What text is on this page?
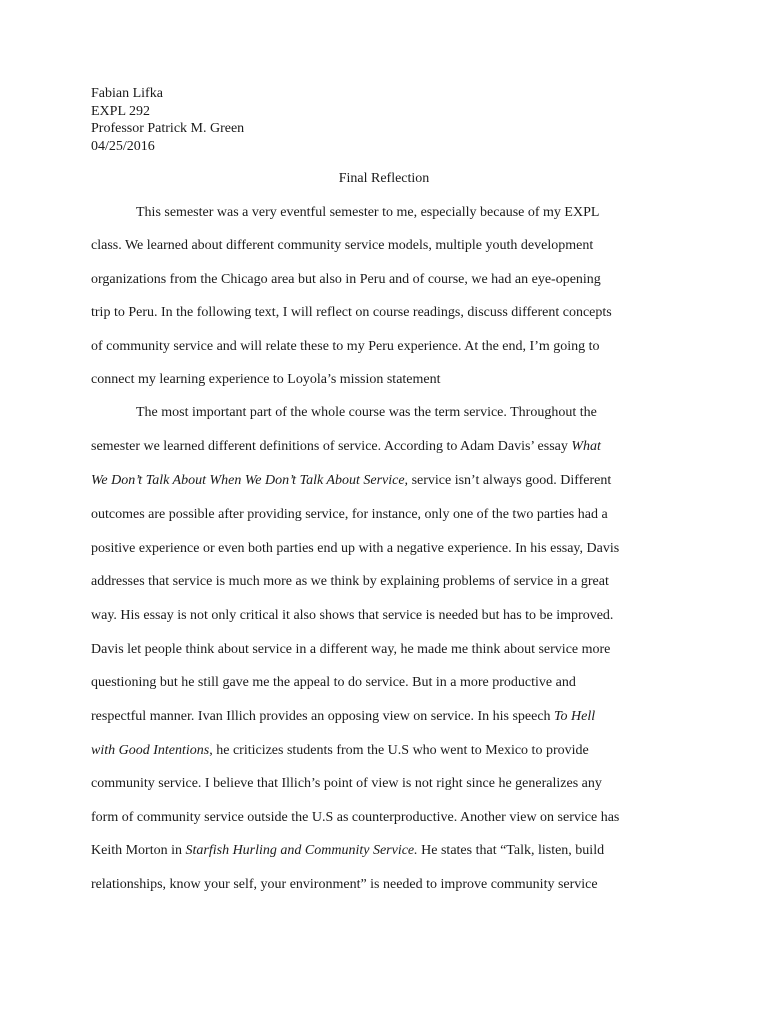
Fabian Lifka
EXPL 292
Professor Patrick M. Green
04/25/2016
Final Reflection
This semester was a very eventful semester to me, especially because of my EXPL
class. We learned about different community service models, multiple youth development
organizations from the Chicago area but also in Peru and of course, we had an eye-opening
trip to Peru. In the following text, I will reflect on course readings, discuss different concepts
of community service and will relate these to my Peru experience. At the end, I’m going to
connect my learning experience to Loyola’s mission statement
The most important part of the whole course was the term service. Throughout the
semester we learned different definitions of service. According to Adam Davis’ essay What
We Don’t Talk About When We Don’t Talk About Service, service isn’t always good. Different
outcomes are possible after providing service, for instance, only one of the two parties had a
positive experience or even both parties end up with a negative experience. In his essay, Davis
addresses that service is much more as we think by explaining problems of service in a great
way. His essay is not only critical it also shows that service is needed but has to be improved.
Davis let people think about service in a different way, he made me think about service more
questioning but he still gave me the appeal to do service. But in a more productive and
respectful manner. Ivan Illich provides an opposing view on service. In his speech To Hell
with Good Intentions, he criticizes students from the U.S who went to Mexico to provide
community service. I believe that Illich’s point of view is not right since he generalizes any
form of community service outside the U.S as counterproductive. Another view on service has
Keith Morton in Starfish Hurling and Community Service. He states that “Talk, listen, build
relationships, know your self, your environment” is needed to improve community service
